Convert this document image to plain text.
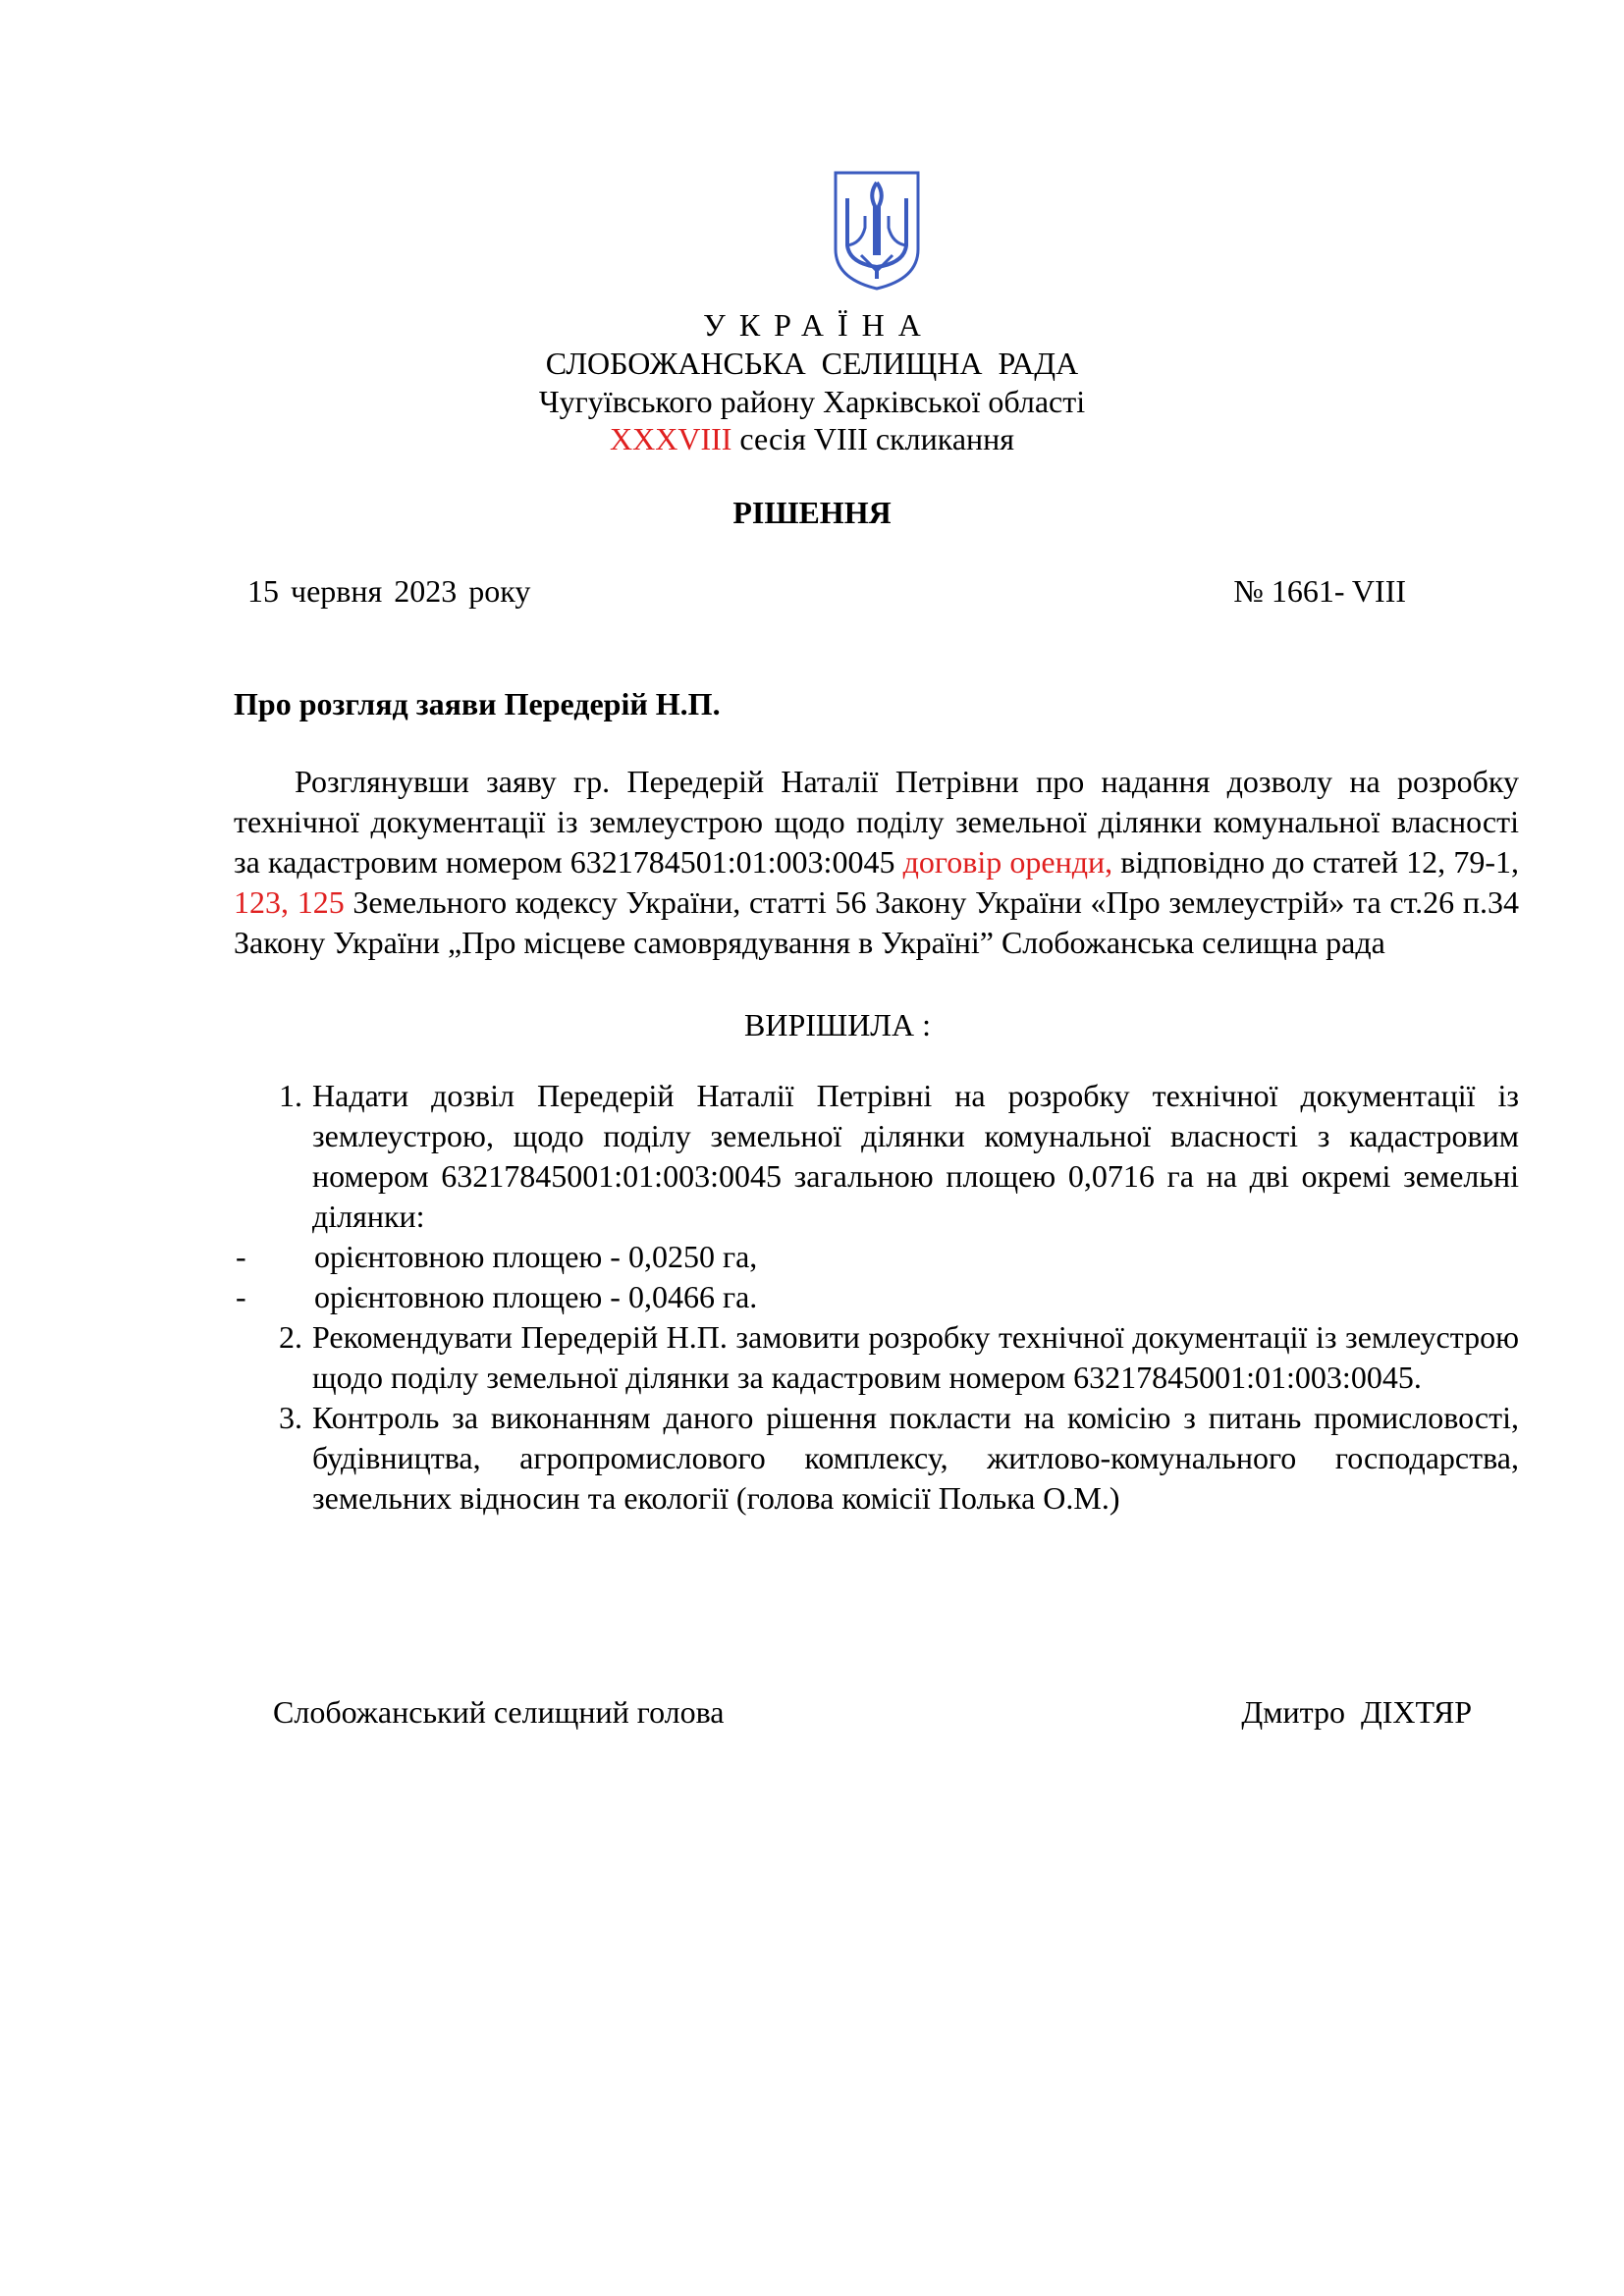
УКРАЇНА
СЛОБОЖАНСЬКА СЕЛИЩНА РАДА
Чугуївського району Харківської області
XXXVIII сесія VIII скликання
РІШЕННЯ
15 червня 2023 року	№ 1661- VIII
Про розгляд заяви Передерій Н.П.
Розглянувши заяву гр. Передерій Наталії Петрівни про надання дозволу на розробку технічної документації із землеустрою щодо поділу земельної ділянки комунальної власності за кадастровим номером 6321784501:01:003:0045 договір оренди, відповідно до статей 12, 79-1, 123, 125 Земельного кодексу України, статті 56 Закону України «Про землеустрій» та ст.26 п.34 Закону України „Про місцеве самоврядування в Україні” Слобожанська селищна рада
ВИРІШИЛА :
1. Надати дозвіл Передерій Наталії Петрівні на розробку технічної документації із землеустрою, щодо поділу земельної ділянки комунальної власності з кадастровим номером 63217845001:01:003:0045 загальною площею 0,0716 га на дві окремі земельні ділянки:
-	орієнтовною площею - 0,0250 га,
-	орієнтовною площею - 0,0466 га.
2. Рекомендувати Передерій Н.П. замовити розробку технічної документації із землеустрою щодо поділу земельної ділянки за кадастровим номером 63217845001:01:003:0045.
3. Контроль за виконанням даного рішення покласти на комісію з питань промисловості, будівництва, агропромислового комплексу, житлово-комунального господарства, земельних відносин та екології (голова комісії Полька О.М.)
Слобожанський селищний голова	Дмитро ДІХТЯР
